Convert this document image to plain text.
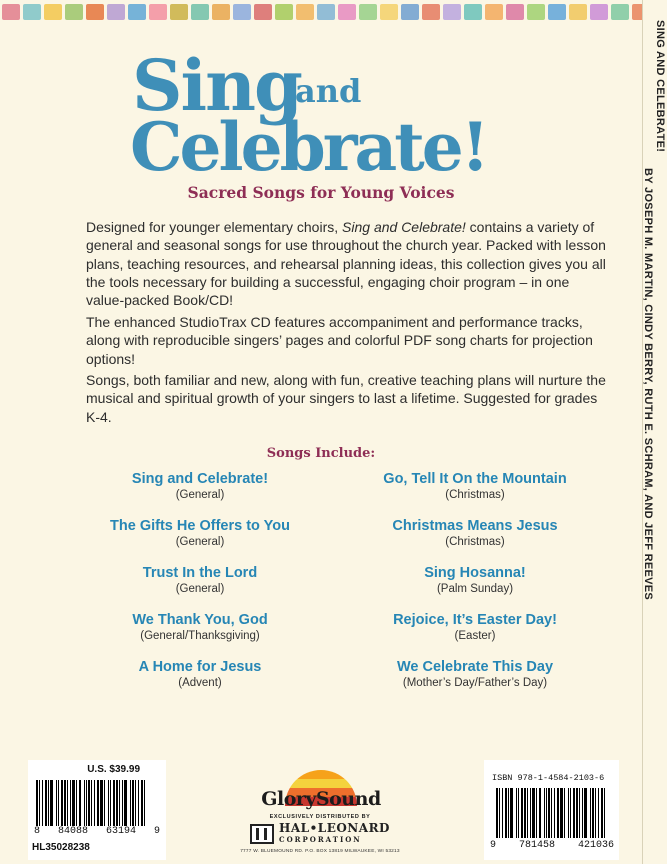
SING AND CELEBRATE!
BY JOSEPH M. MARTIN, CINDY BERRY, RUTH E. SCHRAM, AND JEFF REEVES
Sing
and
Celebrate!
Sacred Songs for Young Voices

Designed for younger elementary choirs, Sing and Celebrate! contains a variety of general and seasonal songs for use throughout the church year. Packed with lesson plans, teaching resources, and rehearsal planning ideas, this collection gives you all the tools necessary for building a successful, engaging choir program – in one value-packed Book/CD!

The enhanced StudioTrax CD features accompaniment and performance tracks, along with reproducible singers’ pages and colorful PDF song charts for projection options!

Songs, both familiar and new, along with fun, creative teaching plans will nurture the musical and spiritual growth of your singers to last a lifetime. Suggested for grades K-4.

Songs Include:
Sing and Celebrate!
(General)
The Gifts He Offers to You
(General)
Trust In the Lord
(General)
We Thank You, God
(General/Thanksgiving)
A Home for Jesus
(Advent)
Go, Tell It On the Mountain
(Christmas)
Christmas Means Jesus
(Christmas)
Sing Hosanna!
(Palm Sunday)
Rejoice, It’s Easter Day!
(Easter)
We Celebrate This Day
(Mother’s Day/Father’s Day)
U.S. $39.99
8 84088 63194 9
HL35028238
GlorySound
EXCLUSIVELY DISTRIBUTED BY
HAL•LEONARD
CORPORATION
7777 W. BLUEMOUND RD. P.O. BOX 13819 MILWAUKEE, WI 53213
ISBN 978-1-4584-2103-6
9 781458 421036
